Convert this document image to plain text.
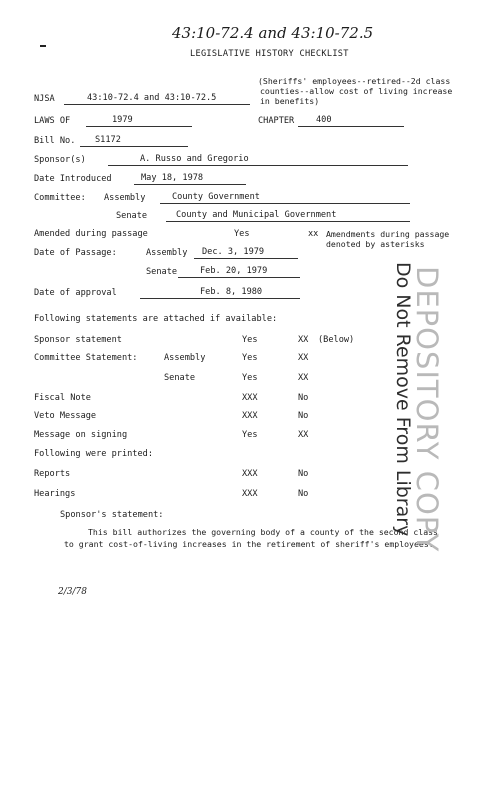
43:10-72.4 and 43:10-72.5
LEGISLATIVE HISTORY CHECKLIST
(Sheriffs' employees--retired--2d class
counties--allow cost of living increase
in benefits)
NJSA	43:10-72.4 and 43:10-72.5
LAWS OF	1979	CHAPTER	400
Bill No. S1172
Sponsor(s)	A. Russo and Gregorio
Date Introduced	May 18, 1978
Committee: Assembly	County Government
Senate	County and Municipal Government
Amended during passage	Yes	xx Amendments during passage
denoted by asterisks
Date of Passage:	Assembly Dec. 3, 1979
Senate	Feb. 20, 1979
Date of approval	Feb. 8, 1980
Following statements are attached if available:
Sponsor statement	Yes	XX (Below)
Committee Statement:	Assembly	Yes	XX
Senate	Yes	XX
Fiscal Note	XXX	No
Veto Message	XXX	No
Message on signing	Yes	XX
Following were printed:
Reports	XXX	No
Hearings	XXX	No
Sponsor's statement:
This bill authorizes the governing body of a county of the second class
to grant cost-of-living increases in the retirement of sheriff's employees.
2/3/78
DEPOSITORY COPY
Do Not Remove From Library
